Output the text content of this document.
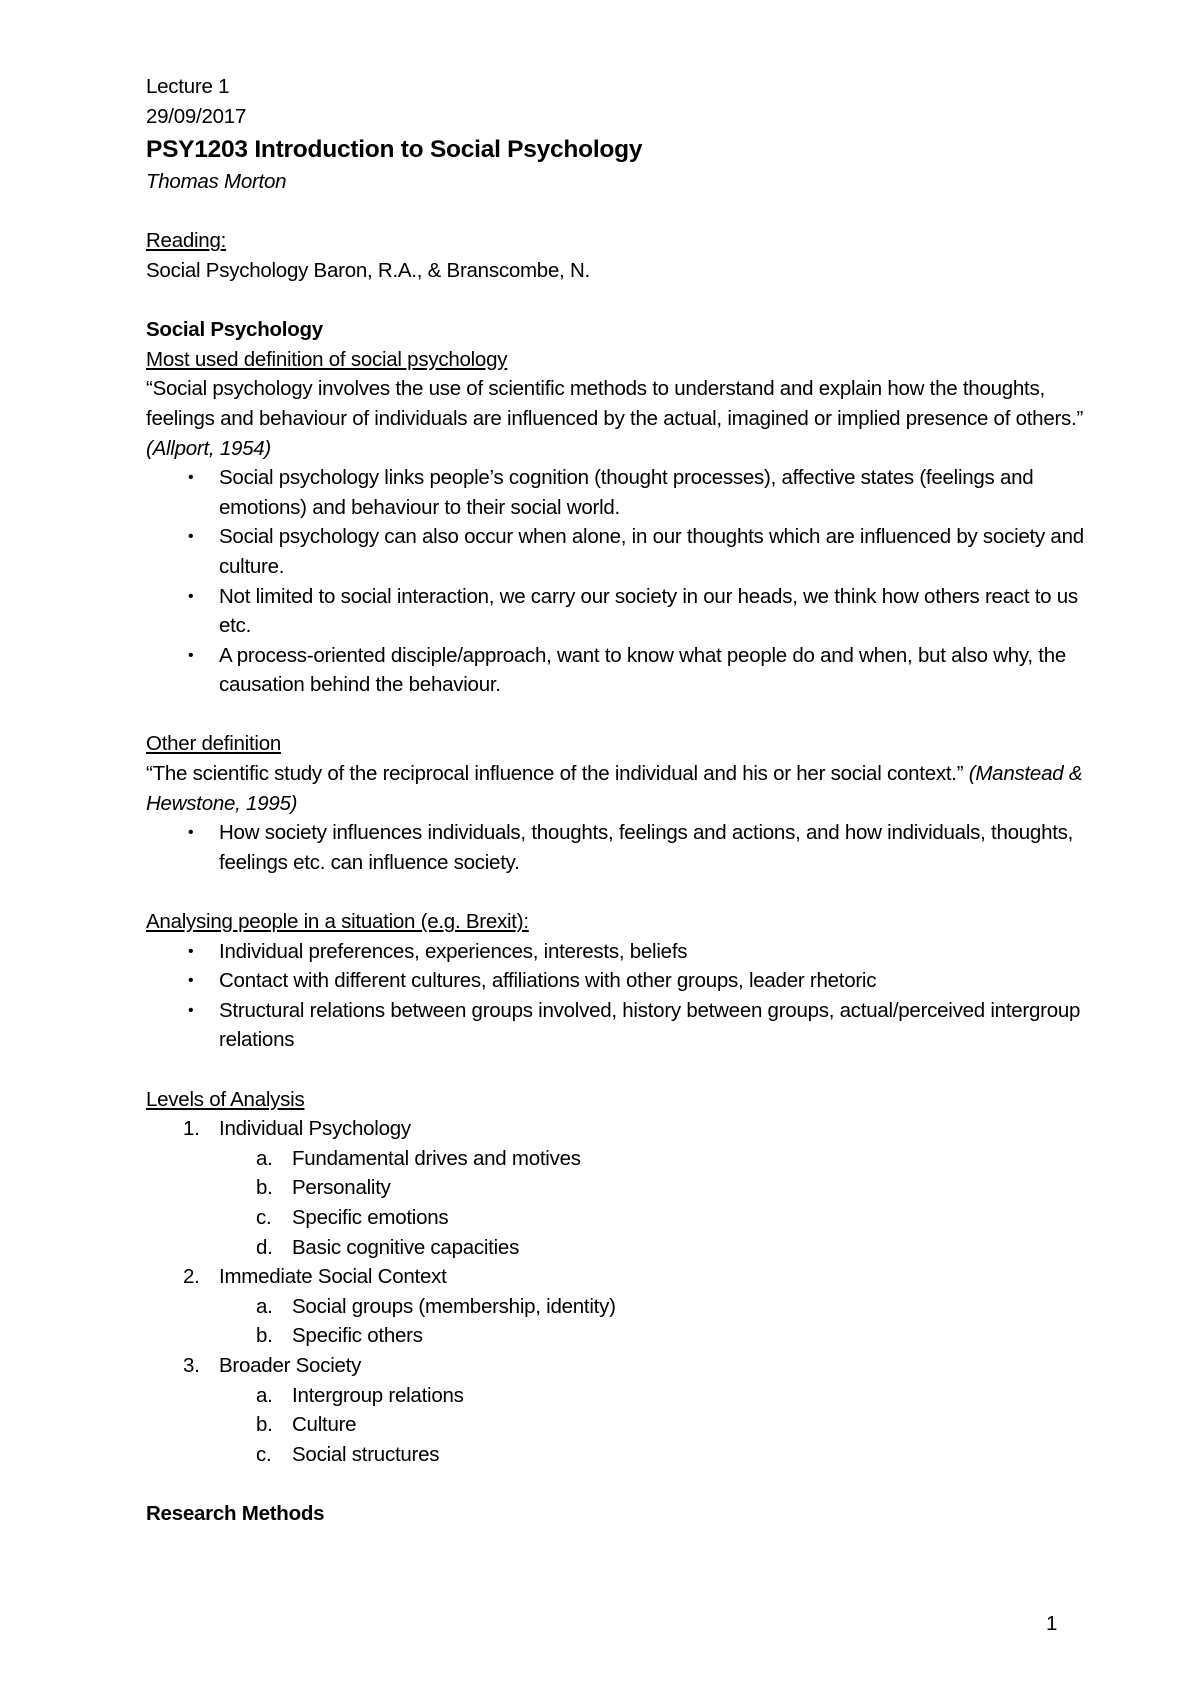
Lecture 1

29/09/2017

PSY1203 Introduction to Social Psychology

Thomas Morton

Reading:

Social Psychology Baron, R.A., & Branscombe, N.

Social Psychology

Most used definition of social psychology

“Social psychology involves the use of scientific methods to understand and explain how the thoughts, feelings and behaviour of individuals are influenced by the actual, imagined or implied presence of others.” (Allport, 1954)

• Social psychology links people’s cognition (thought processes), affective states (feelings and emotions) and behaviour to their social world.
• Social psychology can also occur when alone, in our thoughts which are influenced by society and culture.
• Not limited to social interaction, we carry our society in our heads, we think how others react to us etc.
• A process-oriented disciple/approach, want to know what people do and when, but also why, the causation behind the behaviour.

Other definition

“The scientific study of the reciprocal influence of the individual and his or her social context.” (Manstead & Hewstone, 1995)

• How society influences individuals, thoughts, feelings and actions, and how individuals, thoughts, feelings etc. can influence society.

Analysing people in a situation (e.g. Brexit):

• Individual preferences, experiences, interests, beliefs
• Contact with different cultures, affiliations with other groups, leader rhetoric
• Structural relations between groups involved, history between groups, actual/perceived intergroup relations

Levels of Analysis

1. Individual Psychology
a. Fundamental drives and motives
b. Personality
c. Specific emotions
d. Basic cognitive capacities
2. Immediate Social Context
a. Social groups (membership, identity)
b. Specific others
3. Broader Society
a. Intergroup relations
b. Culture
c. Social structures

Research Methods

1
